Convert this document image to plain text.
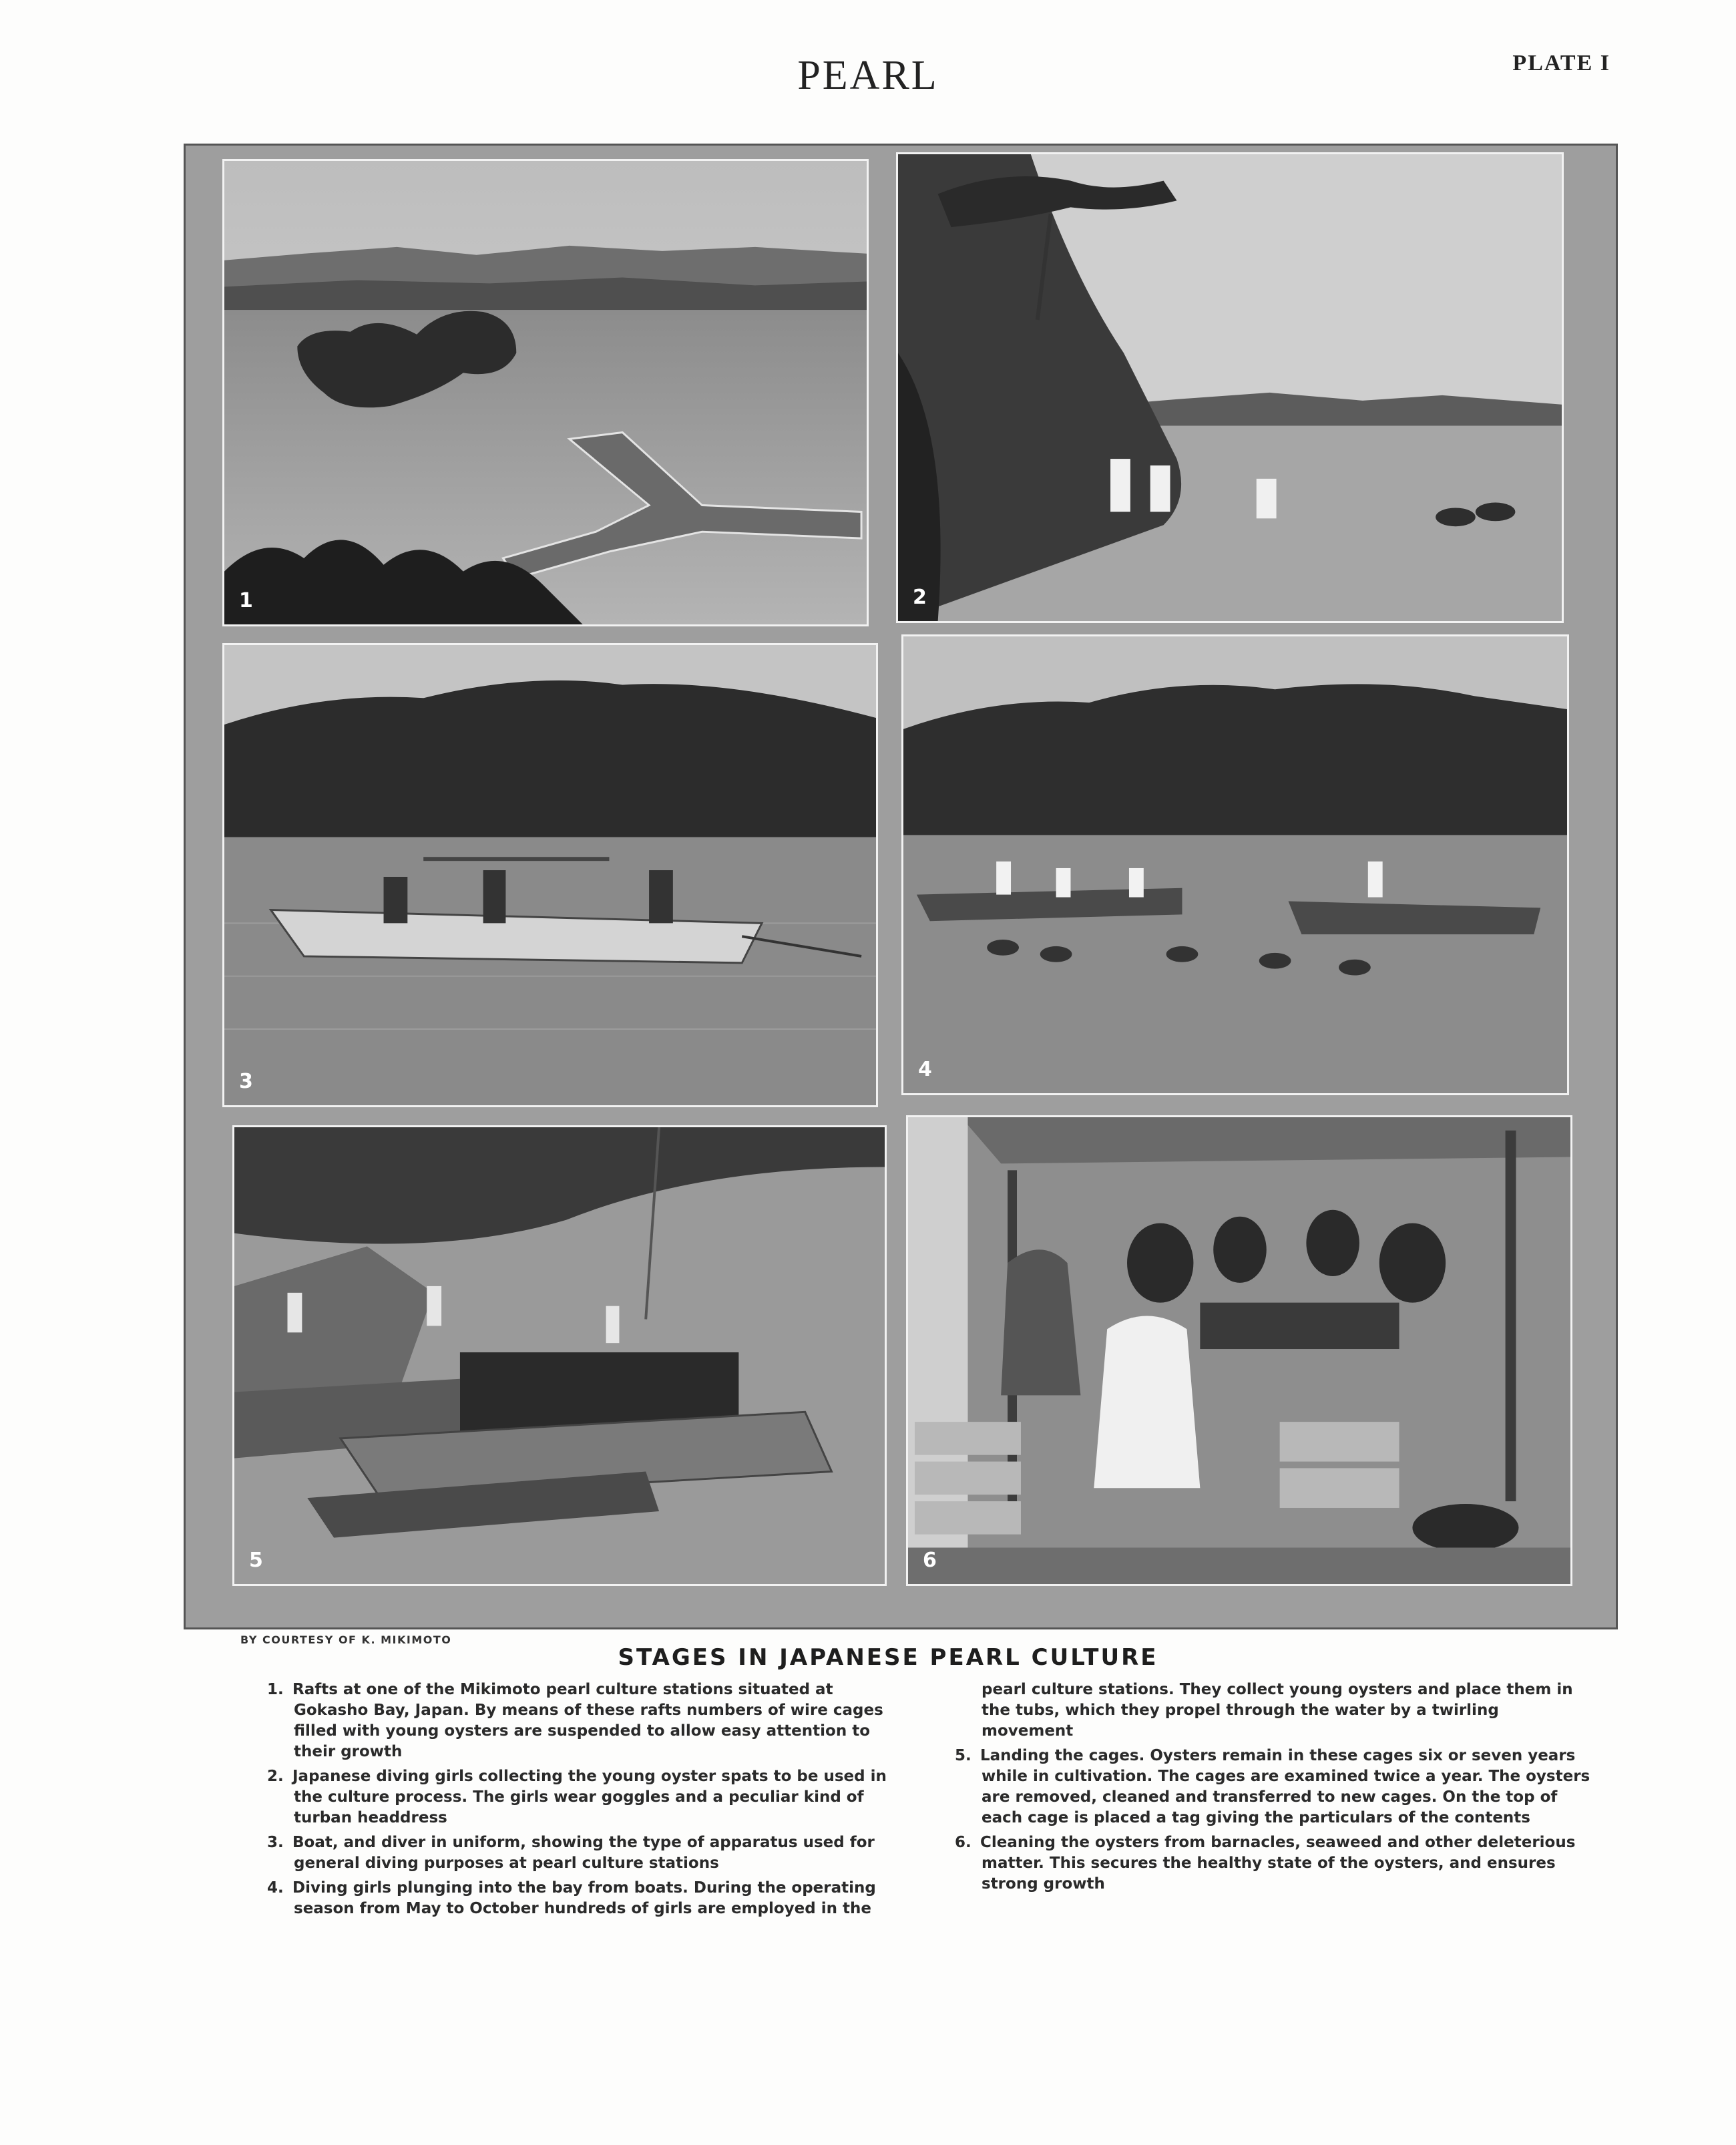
PEARL	PLATE I
1	2
3
4
5	6
BY COURTESY OF K. MIKIMOTO
STAGES IN JAPANESE PEARL CULTURE

1. Rafts at one of the Mikimoto pearl culture stations situated at Gokasho Bay, Japan. By means of these rafts numbers of wire cages filled with young oysters are suspended to allow easy attention to their growth

2. Japanese diving girls collecting the young oyster spats to be used in the culture process. The girls wear goggles and a peculiar kind of turban headdress

3. Boat, and diver in uniform, showing the type of apparatus used for general diving purposes at pearl culture stations

4. Diving girls plunging into the bay from boats. During the operating season from May to October hundreds of girls are employed in the

pearl culture stations. They collect young oysters and place them in the tubs, which they propel through the water by a twirling movement

5. Landing the cages. Oysters remain in these cages six or seven years while in cultivation. The cages are examined twice a year. The oysters are removed, cleaned and transferred to new cages. On the top of each cage is placed a tag giving the particulars of the contents

6. Cleaning the oysters from barnacles, seaweed and other deleterious matter. This secures the healthy state of the oysters, and ensures strong growth
